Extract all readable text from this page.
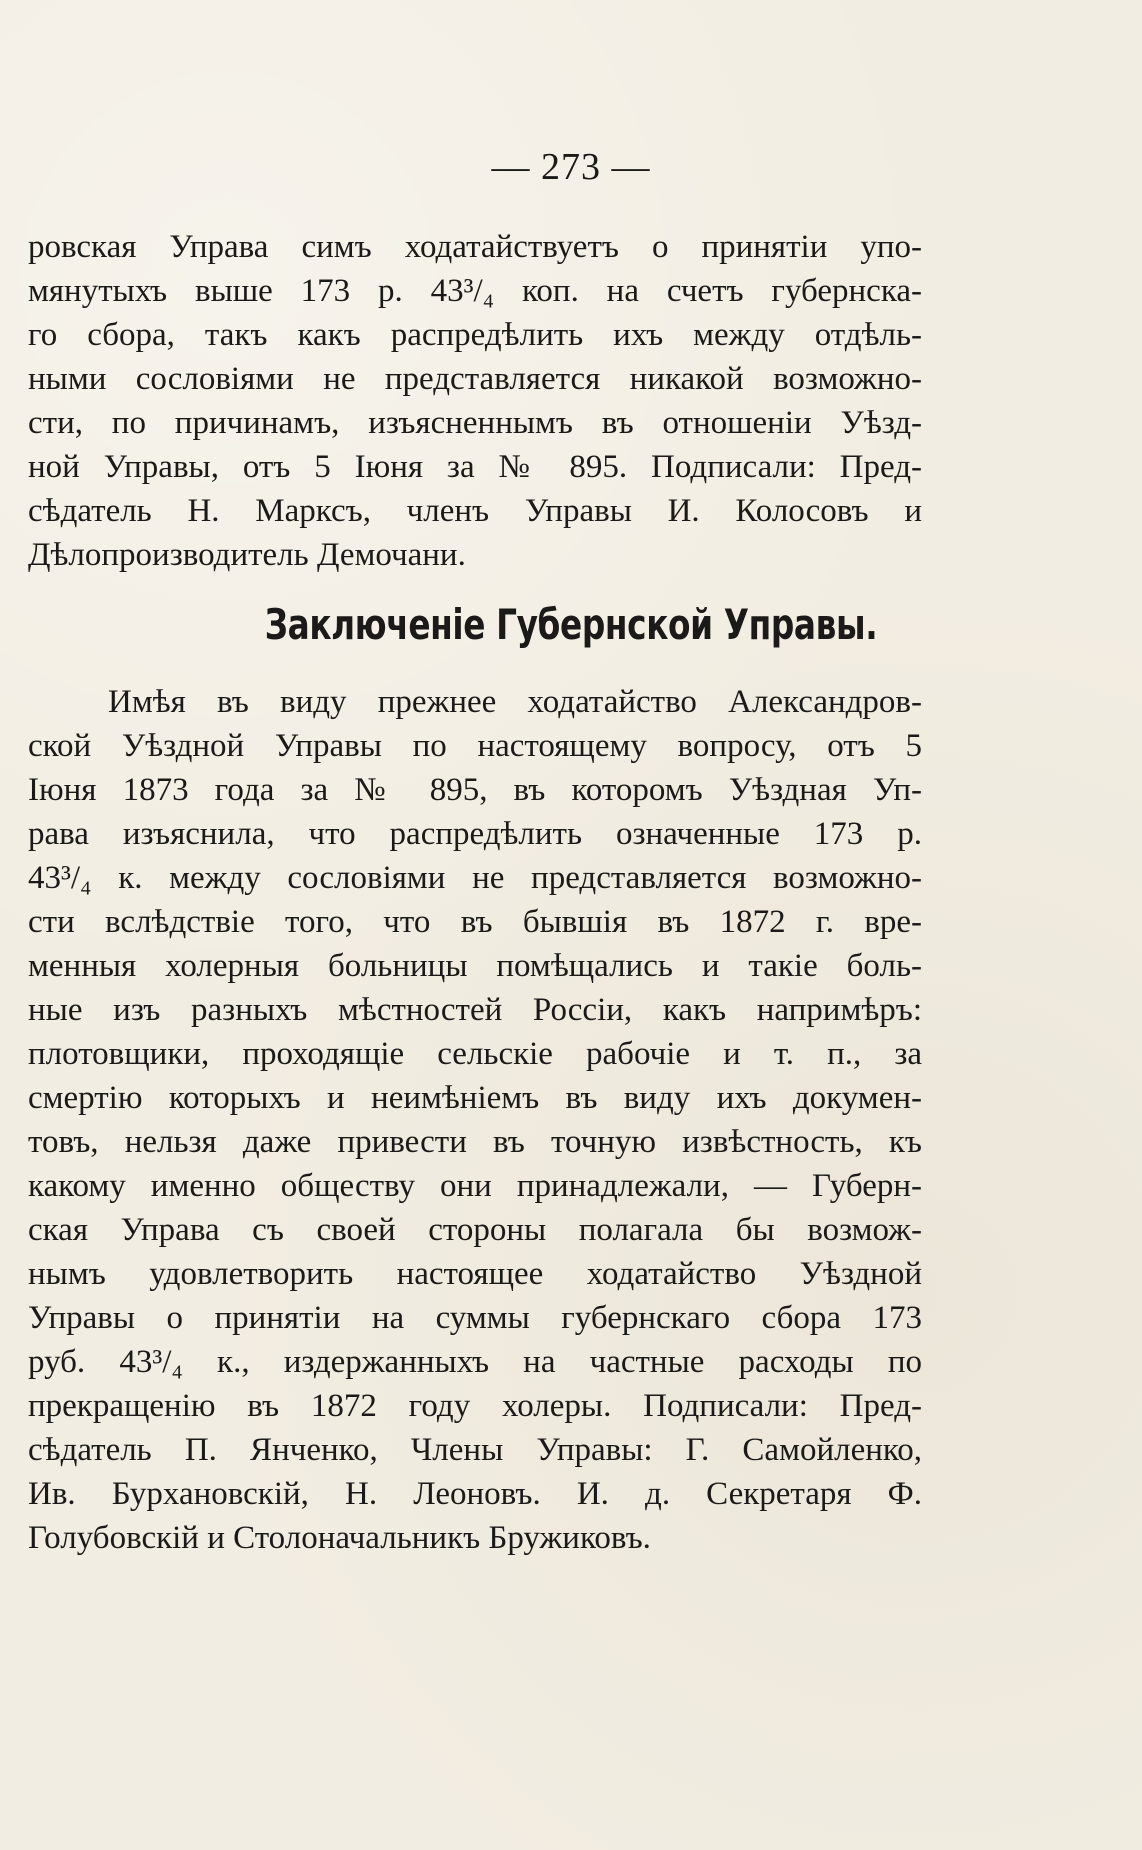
— 273 —
ровская Управа симъ ходатайствуетъ о принятіи упо-
мянутыхъ выше 173 р. 43³/₄ коп. на счетъ губернска-
го сбора, такъ какъ распредѣлить ихъ между отдѣль-
ными сословіями не представляется никакой возможно-
сти, по причинамъ, изъясненнымъ въ отношеніи Уѣзд-
ной Управы, отъ 5 Іюня за № 895. Подписали: Пред-
сѣдатель Н. Марксъ, членъ Управы И. Колосовъ и
Дѣлопроизводитель Демочани.
Заключеніе Губернской Управы.
Имѣя въ виду прежнее ходатайство Александров-
ской Уѣздной Управы по настоящему вопросу, отъ 5
Іюня 1873 года за № 895, въ которомъ Уѣздная Уп-
рава изъяснила, что распредѣлить означенные 173 р.
43³/₄ к. между сословіями не представляется возможно-
сти вслѣдствіе того, что въ бывшія въ 1872 г. вре-
менныя холерныя больницы помѣщались и такіе боль-
ные изъ разныхъ мѣстностей Россіи, какъ напримѣръ:
плотовщики, проходящіе сельскіе рабочіе и т. п., за
смертію которыхъ и неимѣніемъ въ виду ихъ докумен-
товъ, нельзя даже привести въ точную извѣстность, къ
какому именно обществу они принадлежали, — Губерн-
ская Управа съ своей стороны полагала бы возмож-
нымъ удовлетворить настоящее ходатайство Уѣздной
Управы о принятіи на суммы губернскаго сбора 173
руб. 43³/₄ к., издержанныхъ на частные расходы по
прекращенію въ 1872 году холеры. Подписали: Пред-
сѣдатель П. Янченко, Члены Управы: Г. Самойленко,
Ив. Бурхановскій, Н. Леоновъ. И. д. Секретаря Ф.
Голубовскій и Столоначальникъ Бружиковъ.
